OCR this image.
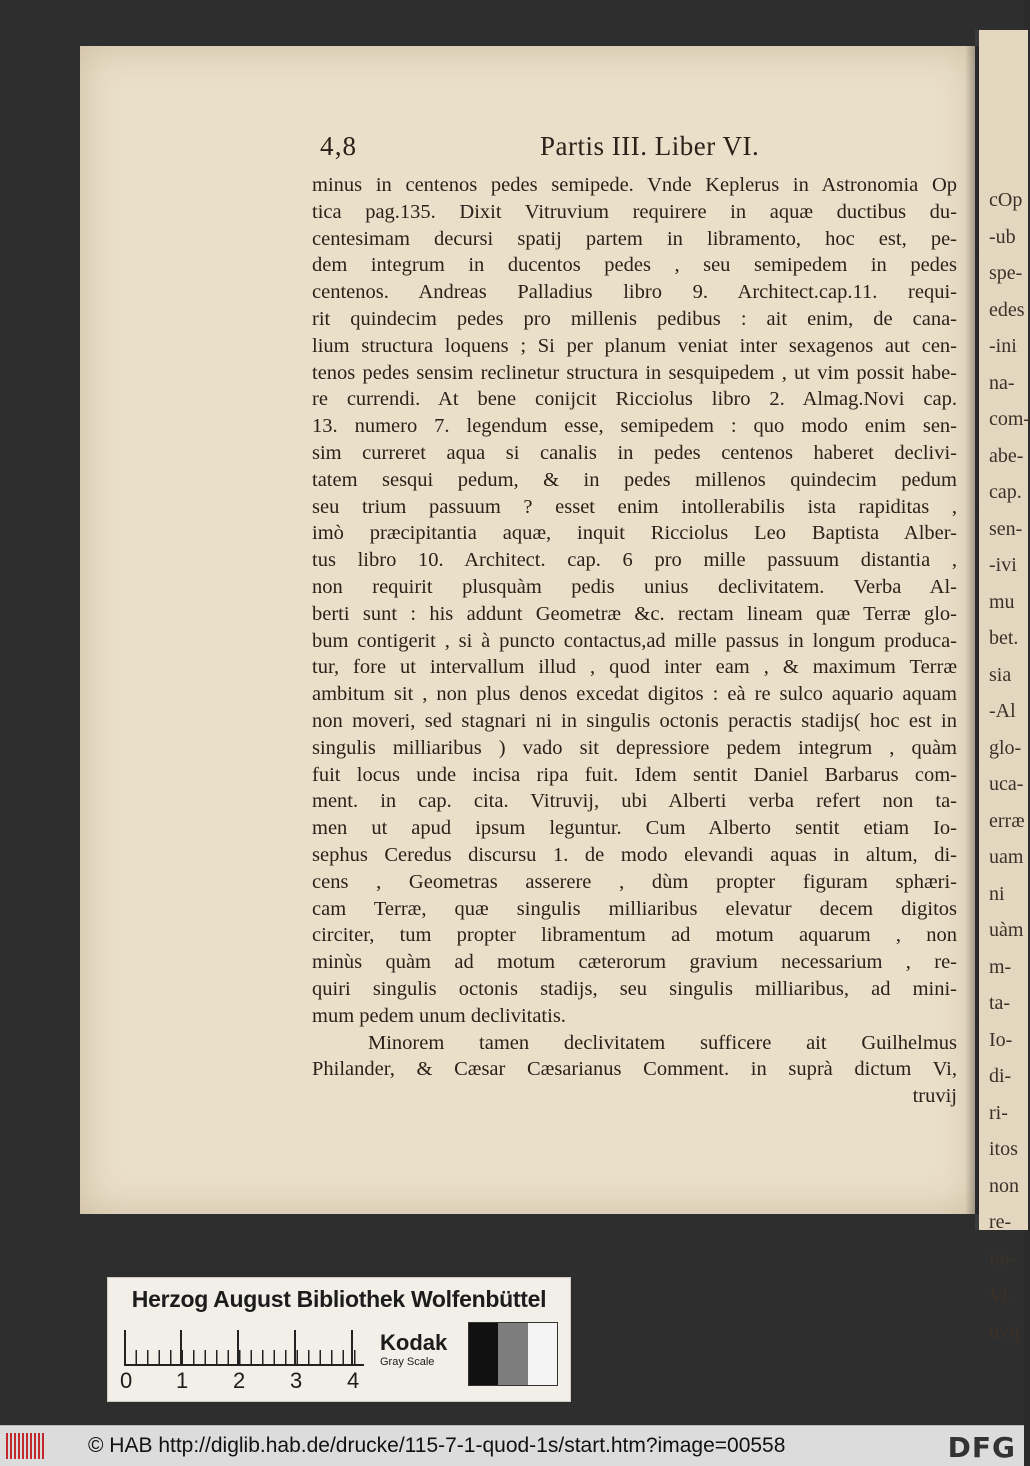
cOp
-ub
spe-
edes
-ini
na-
com-
abe-
cap.
sen-
-ivi
mu
bet.
sia
-Al
glo-
uca-
erræ
uam
ni
uàm
m-
ta-
Io-
di-
ri-
itos
non
re-
ini-
Vi,
uvij
4‚8	Partis III. Liber VI.
minus in centenos pedes semipede. Vnde Keplerus in Astronomia Op
tica pag.135. Dixit Vitruvium requirere in aquæ ductibus du-
centesimam decursi spatij partem in libramento, hoc est, pe-
dem integrum in ducentos pedes , seu semipedem in pedes
centenos. Andreas Palladius libro 9. Architect.cap.11. requi-
rit quindecim pedes pro millenis pedibus : ait enim, de cana-
lium structura loquens ; Si per planum veniat inter sexagenos aut cen-
tenos pedes sensim reclinetur structura in sesquipedem , ut vim possit habe-
re currendi. At bene conijcit Ricciolus libro 2. Almag.Novi cap.
13. numero 7. legendum esse, semipedem : quo modo enim sen-
sim curreret aqua si canalis in pedes centenos haberet declivi-
tatem sesqui pedum, & in pedes millenos quindecim pedum
seu trium passuum ? esset enim intollerabilis ista rapiditas ,
imò præcipitantia aquæ, inquit Ricciolus Leo Baptista Alber-
tus libro 10. Architect. cap. 6 pro mille passuum distantia ,
non requirit plusquàm pedis unius declivitatem. Verba Al-
berti sunt : his addunt Geometræ &c. rectam lineam quæ Terræ glo-
bum contigerit , si à puncto contactus,ad mille passus in longum producа-
tur, fore ut intervallum illud , quod inter eam , & maximum Terræ
ambitum sit , non plus denos excedat digitos : eà re sulco aquario aquam
non moveri, sed stagnari ni in singulis octonis peractis stadijs( hoc est in
singulis milliaribus ) vado sit depressiore pedem integrum , quàm
fuit locus unde incisa ripa fuit. Idem sentit Daniel Barbarus com-
ment. in cap. cita. Vitruvij, ubi Alberti verba refert non ta-
men ut apud ipsum leguntur. Cum Alberto sentit etiam Io-
sephus Ceredus discursu 1. de modo elevandi aquas in altum, di-
cens , Geometras asserere , dùm propter figuram sphæri-
cam Terræ, quæ singulis milliaribus elevatur decem digitos
circiter, tum propter libramentum ad motum aquarum , non
minùs quàm ad motum cæterorum gravium necessarium , re-
quiri singulis octonis stadijs, seu singulis milliaribus, ad mini-
mum pedem unum declivitatis.
Minorem tamen declivitatem sufficere ait Guilhelmus
Philander, & Cæsar Cæsarianus Comment. in suprà dictum Vi,
truvij
Herzog August Bibliothek Wolfenbüttel
0 1 2 3 4
Kodak
Gray Scale
© HAB http://diglib.hab.de/drucke/115-7-1-quod-1s/start.htm?image=00558	DFG
